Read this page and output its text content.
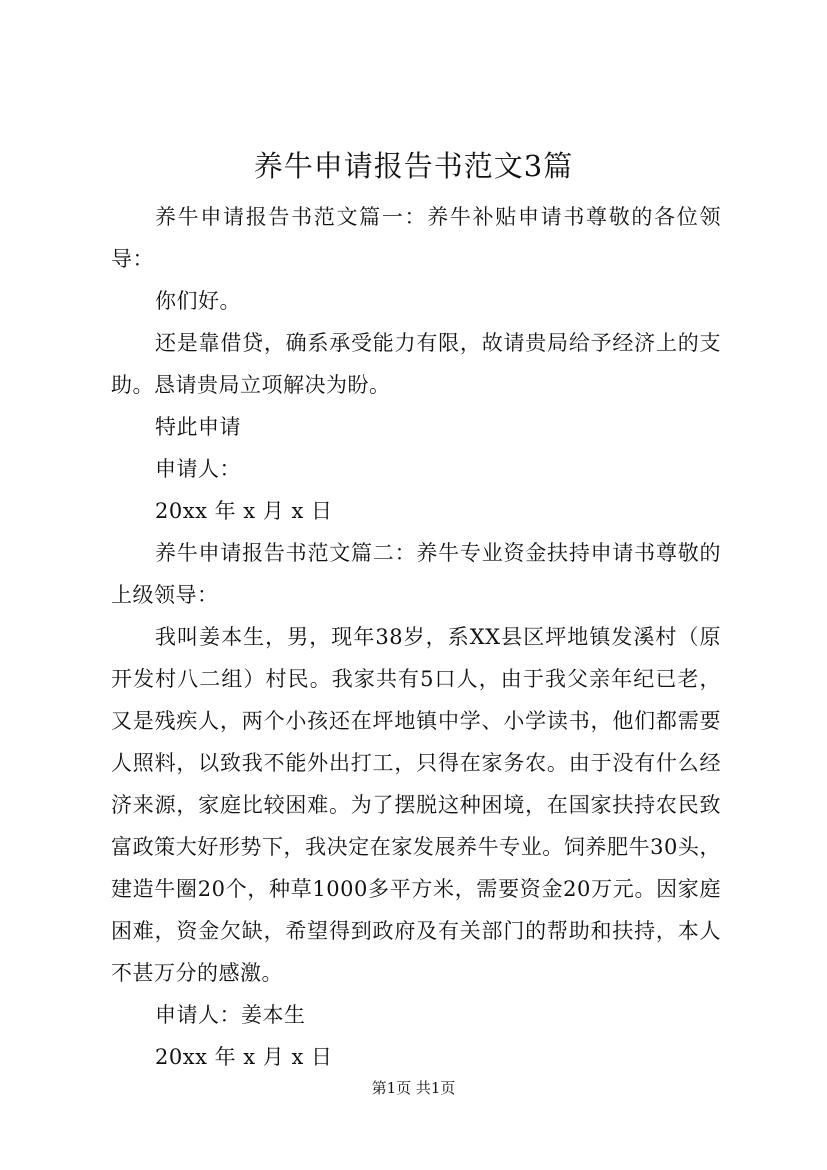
养牛申请报告书范文3篇

养牛申请报告书范文篇一：养牛补贴申请书尊敬的各位领导：

你们好。

还是靠借贷，确系承受能力有限，故请贵局给予经济上的支助。恳请贵局立项解决为盼。

特此申请

申请人：

20xx 年 x 月 x 日

养牛申请报告书范文篇二：养牛专业资金扶持申请书尊敬的上级领导：

我叫姜本生，男，现年38岁，系XX县区坪地镇发溪村（原开发村八二组）村民。我家共有5口人，由于我父亲年纪已老，又是残疾人，两个小孩还在坪地镇中学、小学读书，他们都需要人照料，以致我不能外出打工，只得在家务农。由于没有什么经济来源，家庭比较困难。为了摆脱这种困境，在国家扶持农民致富政策大好形势下，我决定在家发展养牛专业。饲养肥牛30头，建造牛圈20个，种草1000多平方米，需要资金20万元。因家庭困难，资金欠缺，希望得到政府及有关部门的帮助和扶持，本人不甚万分的感激。

申请人：姜本生

20xx 年 x 月 x 日

第1页 共1页
